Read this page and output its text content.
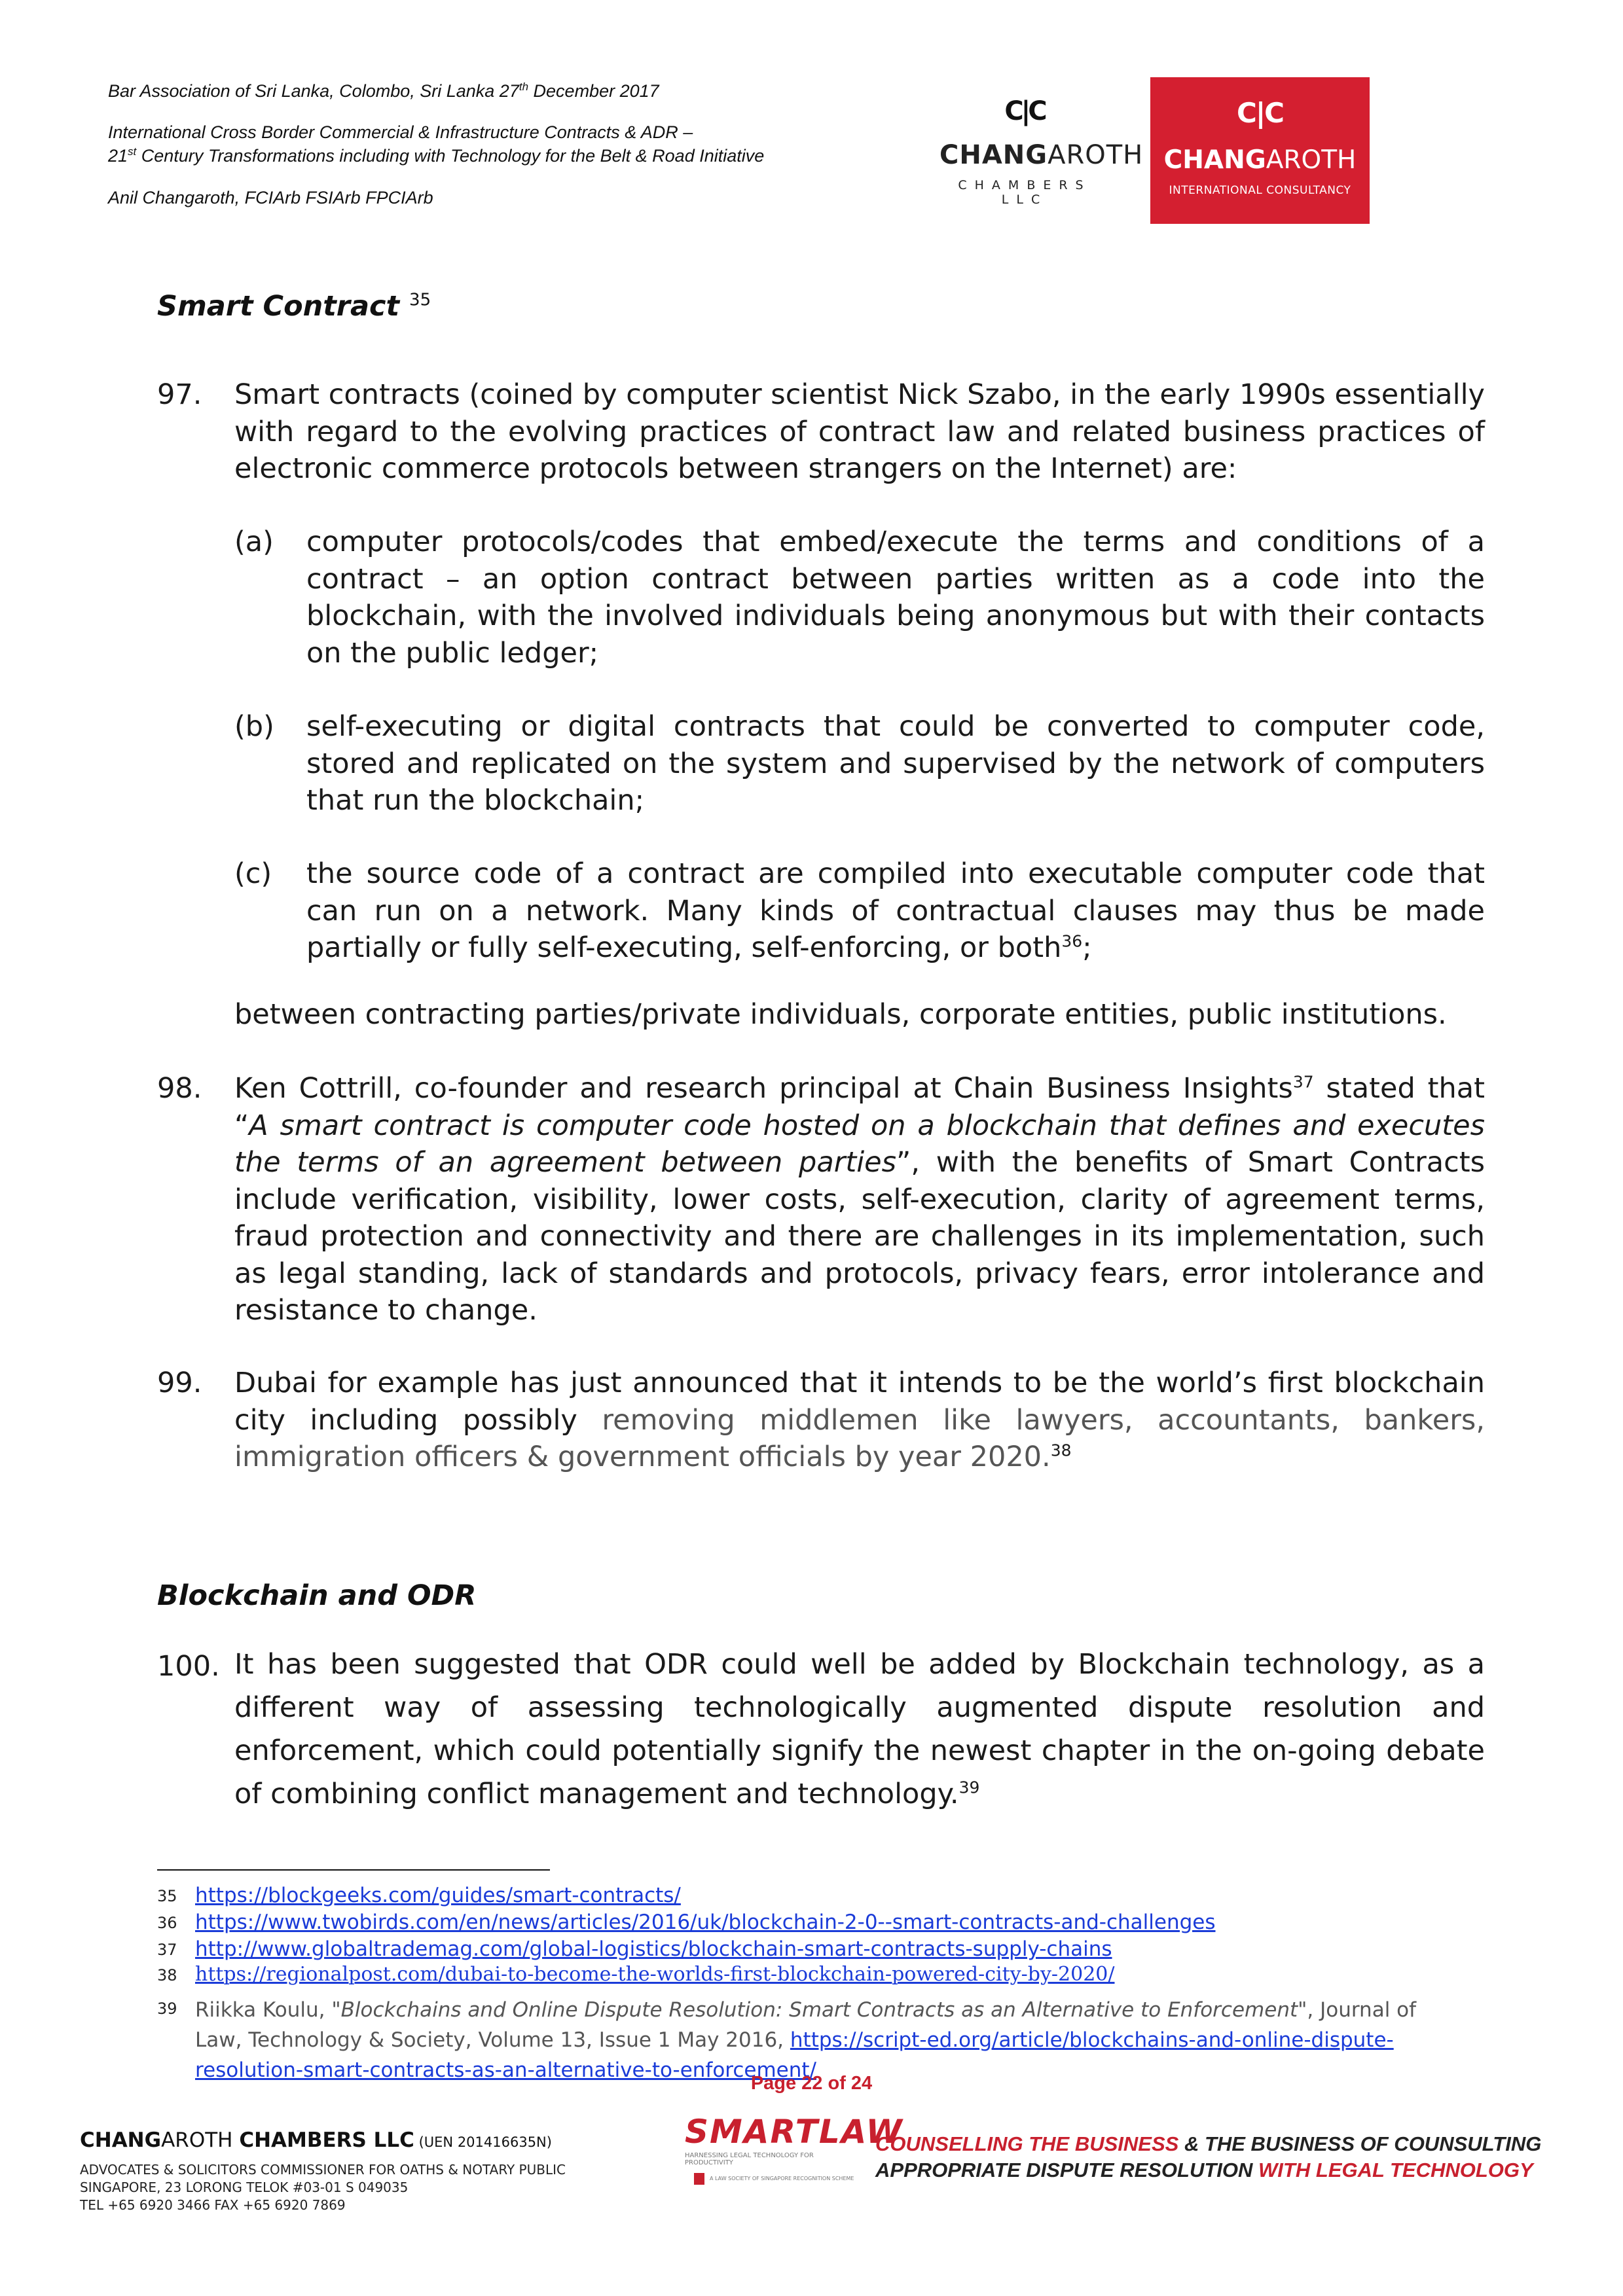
Bar Association of Sri Lanka, Colombo, Sri Lanka 27th December 2017
International Cross Border Commercial & Infrastructure Contracts & ADR –
21st Century Transformations including with Technology for the Belt & Road Initiative
Anil Changaroth, FCIArb FSIArb FPCIArb
C|C
CHANGAROTH
CHAMBERS LLC
C|C
CHANGAROTH
INTERNATIONAL CONSULTANCY
Smart Contract $^{35}$
97. Smart contracts (coined by computer scientist Nick Szabo, in the early 1990s essentially with regard to the evolving practices of contract law and related business practices of electronic commerce protocols between strangers on the Internet) are:
(a) computer protocols/codes that embed/execute the terms and conditions of a contract – an option contract between parties written as a code into the blockchain, with the involved individuals being anonymous but with their contacts on the public ledger;
(b) self-executing or digital contracts that could be converted to computer code, stored and replicated on the system and supervised by the network of computers that run the blockchain;
(c) the source code of a contract are compiled into executable computer code that can run on a network. Many kinds of contractual clauses may thus be made partially or fully self-executing, self-enforcing, or both$^{36}$;
between contracting parties/private individuals, corporate entities, public institutions.
98. Ken Cottrill, co-founder and research principal at Chain Business Insights$^{37}$ stated that “A smart contract is computer code hosted on a blockchain that defines and executes the terms of an agreement between parties”, with the benefits of Smart Contracts include verification, visibility, lower costs, self-execution, clarity of agreement terms, fraud protection and connectivity and there are challenges in its implementation, such as legal standing, lack of standards and protocols, privacy fears, error intolerance and resistance to change.
99. Dubai for example has just announced that it intends to be the world’s first blockchain city including possibly removing middlemen like lawyers, accountants, bankers, immigration officers & government officials by year 2020.38
Blockchain and ODR
100. It has been suggested that ODR could well be added by Blockchain technology, as a different way of assessing technologically augmented dispute resolution and enforcement, which could potentially signify the newest chapter in the on-going debate of combining conflict management and technology.$^{39}$
35 https://blockgeeks.com/guides/smart-contracts/
36 https://www.twobirds.com/en/news/articles/2016/uk/blockchain-2-0--smart-contracts-and-challenges
37 http://www.globaltrademag.com/global-logistics/blockchain-smart-contracts-supply-chains
38 https://regionalpost.com/dubai-to-become-the-worlds-first-blockchain-powered-city-by-2020/
39 Riikka Koulu, "Blockchains and Online Dispute Resolution: Smart Contracts as an Alternative to Enforcement", Journal of Law, Technology & Society, Volume 13, Issue 1 May 2016, https://script-ed.org/article/blockchains-and-online-dispute-resolution-smart-contracts-as-an-alternative-to-enforcement/
Page 22 of 24
CHANGAROTH CHAMBERS LLC (UEN 201416635N)
ADVOCATES & SOLICITORS COMMISSIONER FOR OATHS & NOTARY PUBLIC
SINGAPORE, 23 LORONG TELOK #03-01 S 049035
TEL +65 6920 3466 FAX +65 6920 7869
SMARTLAW
HARNESSING LEGAL TECHNOLOGY FOR PRODUCTIVITY
A LAW SOCIETY OF SINGAPORE RECOGNITION SCHEME
COUNSELLING THE BUSINESS & THE BUSINESS OF COUNSULTING
APPROPRIATE DISPUTE RESOLUTION WITH LEGAL TECHNOLOGY
